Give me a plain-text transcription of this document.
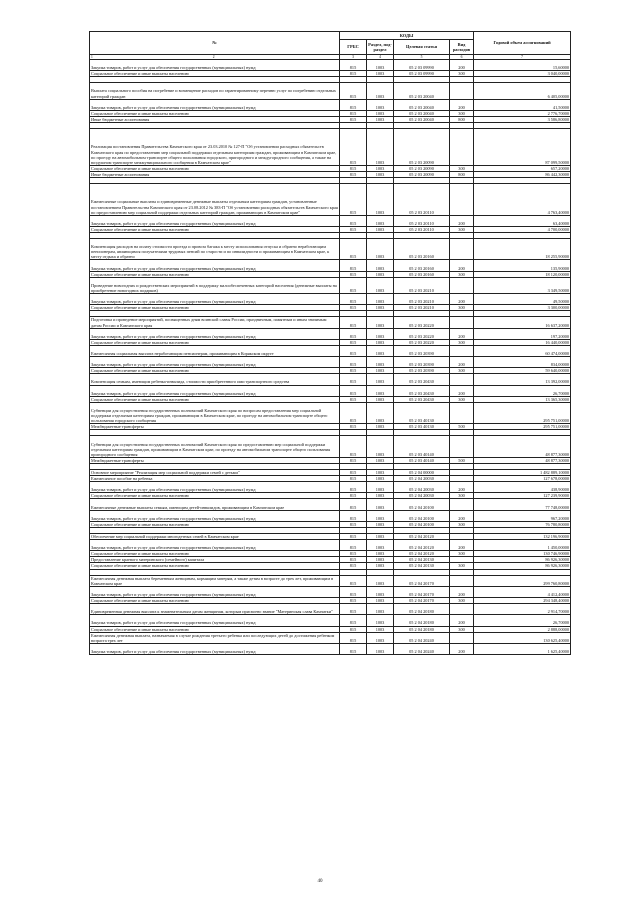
№	КОДЫ				Годовой объем ассигнований
	ГРБС	Раздел, под-раздел	Целевая статья	Вид расходов	
1 2	3	4	5	6	7
Закупка товаров, работ и услуг для обеспечения государственных (муниципальных) нужд	815	1003	05 2 03 09990	200	15,60000
Социальное обеспечение и иные выплаты населению	815	1003	05 2 03 09990	300	3 040,00000

Выплата социального пособия на погребение и возмещение расходов по гарантированному перечню услуг по погребению отдельных категорий граждан	815	1003	05 2 03 20040		6 405,00000
Закупка товаров, работ и услуг для обеспечения государственных (муниципальных) нужд	815	1003	05 2 03 20040	200	41,50000
Социальное обеспечение и иные выплаты населению	815	1003	05 2 03 20040	300	2 776,70000
Иные бюджетные ассигнования	815	1003	05 2 03 20040	800	3 586,80000

Реализация постановления Правительства Камчатского края от 23.03.2010 № 127-П "Об установлении расходных обязательств Камчатского края по предоставлению мер социальной поддержки отдельным категориям граждан, проживающим в Камчатском крае, по проезду на автомобильном транспорте общего пользования городского, пригородного и междугородного сообщения, а также на воздушном транспорте межмуниципального сообщения в Камчатском крае"	815	1003	05 2 03 20090		87 099,50000
Социальное обеспечение и иные выплаты населению	815	1003	05 2 03 20090	300	657,20000
Иные бюджетные ассигнования	815	1003	05 2 03 20090	800	86 442,30000

Ежемесячные социальные выплаты и единовременные денежные выплаты отдельным категориям граждан, установленные постановлением Правительства Камчатского края от 23.08.2012 № 383-П "Об установлении расходных обязательств Камчатского края по предоставлению мер социальной поддержки отдельных категорий граждан, проживающих в Камчатском крае"	815	1003	05 2 03 20110		4 763,40000
Закупка товаров, работ и услуг для обеспечения государственных (муниципальных) нужд	815	1003	05 2 03 20110	200	63,40000
Социальное обеспечение и иные выплаты населению	815	1003	05 2 03 20110	300	4 700,00000

Компенсация расходов на оплату стоимости проезда и провоза багажа к месту использования отпуска и обратно неработающим пенсионерам, являющимся получателями трудовых пенсий по старости и по инвалидности и проживающим в Камчатском крае, к месту отдыха и обратно	815	1003	05 2 03 20160		18 255,90000
Закупка товаров, работ и услуг для обеспечения государственных (муниципальных) нужд	815	1003	05 2 03 20160	200	135,90000
Социальное обеспечение и иные выплаты населению	815	1003	05 2 03 20160	300	18 120,00000
Проведение новогодних и рождественских мероприятий в поддержку малообеспеченных категорий населения (денежные выплаты на приобретение новогодних подарков)	815	1003	05 2 03 20210		3 349,50000
Закупка товаров, работ и услуг для обеспечения государственных (муниципальных) нужд	815	1003	05 2 03 20210	200	49,50000
Социальное обеспечение и иные выплаты населению	815	1003	05 2 03 20210	300	3 300,00000

Подготовка и проведение мероприятий, посвященных дням воинской славы России, праздничным, памятным и иным значимым датам России и Камчатского края	815	1003	05 2 03 20220		16 637,20000
Закупка товаров, работ и услуг для обеспечения государственных (муниципальных) нужд	815	1003	05 2 03 20220	200	197,20000
Социальное обеспечение и иные выплаты населению	815	1003	05 2 03 20220	300	16 440,00000
Ежемесячная социальная выплата неработающим пенсионерам, проживающим в Корякском округе	815	1003	05 2 03 20390		60 474,00000
Закупка товаров, работ и услуг для обеспечения государственных (муниципальных) нужд	815	1003	05 2 03 20390	200	834,00000
Социальное обеспечение и иные выплаты населению	815	1003	05 2 03 20390	300	59 640,00000
Компенсация семьям, имеющим ребенка-инвалида, стоимости приобретенного ими транспортного средства	815	1003	05 2 03 20430		13 392,00000
Закупка товаров, работ и услуг для обеспечения государственных (муниципальных) нужд	815	1003	05 2 03 20430	200	26,70000
Социальное обеспечение и иные выплаты населению	815	1003	05 2 03 20430	300	13 365,30000
Субвенции для осуществления государственных полномочий Камчатского края по вопросам предоставления мер социальной поддержки отдельным категориям граждан, проживающим в Камчатском крае, по проезду на автомобильном транспорте общего пользования городского сообщения	815	1003	05 2 03 40130		295 751,00000
Межбюджетные трансферты	815	1003	05 2 03 40130	500	295 751,00000

Субвенции для осуществления государственных полномочий Камчатского края по предоставлению мер социальной поддержки отдельным категориям граждан, проживающим в Камчатском крае, по проезду на автомобильном транспорте общего пользования пригородного сообщения	815	1003	05 2 03 40140		48 877,30000
Межбюджетные трансферты	815	1003	05 2 03 40140	500	48 877,30000

Основное мероприятие "Реализация мер социальной поддержки семей с детьми"	815	1003	05 2 04 00000		1 482 889,10000
Ежемесячное пособие на ребенка	815	1003	05 2 04 20030		127 678,00000
Закупка товаров, работ и услуг для обеспечения государственных (муниципальных) нужд	815	1003	05 2 04 20030	200	438,90000
Социальное обеспечение и иные выплаты населению	815	1003	05 2 04 20030	300	127 239,90000
Ежемесячные денежные выплаты семьям, имеющим детей-инвалидов, проживающим в Камчатском крае	815	1003	05 2 04 20100		77 748,00000
Закупка товаров, работ и услуг для обеспечения государственных (муниципальных) нужд	815	1003	05 2 04 20100	200	967,20000
Социальное обеспечение и иные выплаты населению	815	1003	05 2 04 20100	300	76 780,80000

Обеспечение мер социальной поддержки многодетных семей в Камчатском крае	815	1003	05 2 04 20120		132 196,90000
Закупка товаров, работ и услуг для обеспечения государственных (муниципальных) нужд	815	1003	05 2 04 20120	200	1 450,00000
Социальное обеспечение и иные выплаты населению	815	1003	05 2 04 20120	300	130 746,90000
Предоставление краевого материнского (семейного) капитала	815	1003	05 2 04 20130		86 926,30000
Социальное обеспечение и иные выплаты населению	815	1003	05 2 04 20130	300	86 926,30000

Ежемесячная денежная выплата беременным женщинам, кормящим матерям, а также детям в возрасте до трех лет, проживающим в Камчатском крае	815	1003	05 2 04 20170		299 760,80000
Закупка товаров, работ и услуг для обеспечения государственных (муниципальных) нужд	815	1003	05 2 04 20170	200	4 412,40000
Социальное обеспечение и иные выплаты населению	815	1003	05 2 04 20170	300	294 348,40000
Единовременная денежная выплата к знаменательным датам женщинам, которым присвоено звание "Материнская слава Камчатки"	815	1003	05 2 04 20180		2 914,70000
Закупка товаров, работ и услуг для обеспечения государственных (муниципальных) нужд	815	1003	05 2 04 20180	200	26,70000
Социальное обеспечение и иные выплаты населению	815	1003	05 2 04 20180	300	2 888,00000
Ежемесячная денежная выплата, назначаемая в случае рождения третьего ребенка или последующих детей до достижения ребенком возраста трех лет	815	1003	05 2 04 20240		130 625,40000
Закупка товаров, работ и услуг для обеспечения государственных (муниципальных) нужд	815	1003	05 2 04 20240	200	1 625,40000
40
